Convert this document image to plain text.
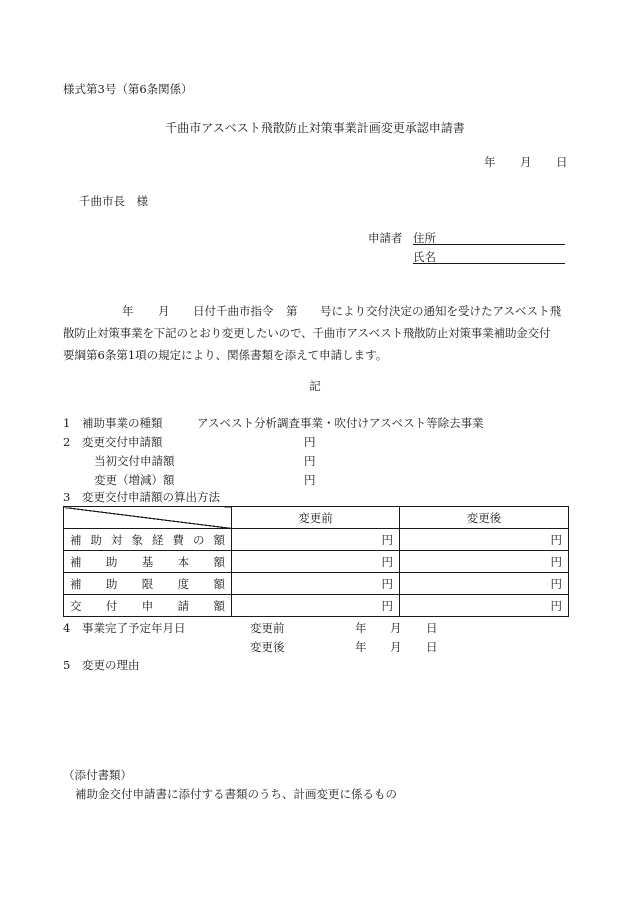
様式第3号（第6条関係）
千曲市アスベスト飛散防止対策事業計画変更承認申請書
年 月 日
千曲市長　様
申請者 住所
氏名
年 月 日付千曲市指令 第 号により交付決定の通知を受けたアスベスト飛
散防止対策事業を下記のとおり変更したいので、千曲市アスベスト飛散防止対策事業補助金交付
要綱第6条第1項の規定により、関係書類を添えて申請します。
記
1 補助事業の種類	アスベスト分析調査事業・吹付けアスベスト等除去事業
2 変更交付申請額	円
当初交付申請額	円
変更（増減）額	円
3 変更交付申請額の算出方法
	変更前	変更後
補助対象経費の額	円	円
補助基本額	円	円
補助限度額	円	円
交付申請額	円	円
4 事業完了予定年月日	変更前	年 月 日
変更後	年 月 日
5 変更の理由
（添付書類）
補助金交付申請書に添付する書類のうち、計画変更に係るもの
